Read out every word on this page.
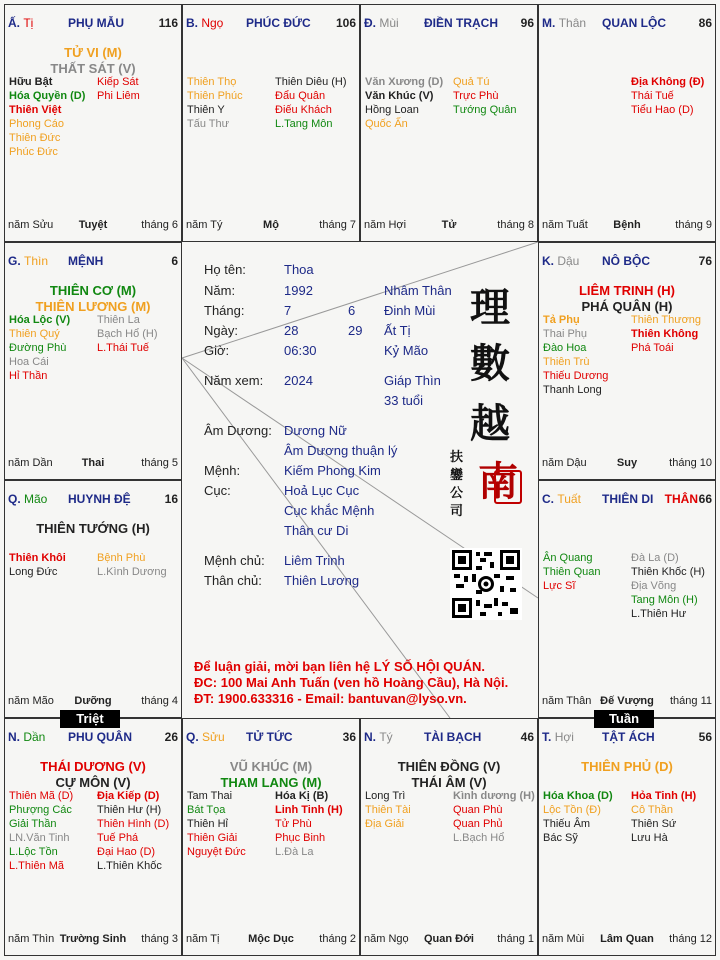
Ấ. Tị	PHỤ MẪU	116
TỬ VI (M)
THẤT SÁT (V)
Hữu Bật
Hóa Quyền (D)
Thiên Việt
Phong Cáo
Thiên Đức
Phúc Đức
Kiếp Sát
Phi Liêm
năm Sửu	Tuyệt	tháng 6
B. Ngọ PHÚC ĐỨC 106
Thiên Thọ
Thiên Phúc
Thiên Y
Tấu Thư
Thiên Diêu (H)
Đẩu Quân
Điếu Khách
L.Tang Môn
năm Tý	Mộ	tháng 7
Đ. Mùi ĐIỀN TRẠCH 96
Văn Xương (D)
Văn Khúc (V)
Hồng Loan
Quốc Ấn
Quả Tú
Trực Phù
Tướng Quân
năm Hợi	Tử	tháng 8
M. Thân QUAN LỘC	86
Địa Không (Đ)
Thái Tuế
Tiểu Hao (D)
năm Tuất	Bệnh	tháng 9
G. Thìn MỆNH	6
THIÊN CƠ (M)
THIÊN LƯƠNG (M)
Hóa Lộc (V)
Thiên Quý
Đường Phù
Hoa Cái
Hỉ Thần
Thiên La
Bạch Hổ (H)
L.Thái Tuế
năm Dần	Thai	tháng 5
K. Dậu NÔ BỘC	76
LIÊM TRINH (H)
PHÁ QUÂN (H)
Tả Phụ
Thai Phụ
Đào Hoa
Thiên Trù
Thiếu Dương
Thanh Long
Thiên Thương
Thiên Không
Phá Toái
năm Dậu	Suy	tháng 10
Q. Mão HUYNH ĐỆ	16
THIÊN TƯỚNG (H)
Thiên Khôi
Long Đức
Bệnh Phù
L.Kình Dương
năm Mão	Dưỡng	tháng 4
C. Tuất THIÊN DI THÂN 66
Ân Quang
Thiên Quan
Lực Sĩ
Đà La (D)
Thiên Khốc (H)
Địa Võng
Tang Môn (H)
L.Thiên Hư
năm Thân Đế Vượng	tháng 11
N. Dần PHU QUÂN	26
THÁI DƯƠNG (V)
CỰ MÔN (V)
Thiên Mã (D)
Phượng Các
Giải Thần
LN.Văn Tinh
L.Lộc Tồn
L.Thiên Mã
Địa Kiếp (D)
Thiên Hư (H)
Thiên Hình (D)
Tuế Phá
Đại Hao (D)
L.Thiên Khốc
năm Thìn Trường Sinh	tháng 3
Q. Sửu TỬ TỨC	36
VŨ KHÚC (M)
THAM LANG (M)
Tam Thai
Bát Tọa
Thiên Hỉ
Thiên Giải
Nguyệt Đức
Hóa Kị (B)
Linh Tinh (H)
Tử Phù
Phục Binh
L.Đà La
năm Tị	Mộc Dục	tháng 2
N. Tý	TÀI BẠCH	46
THIÊN ĐỒNG (V)
THÁI ÂM (V)
Long Trì
Thiên Tài
Địa Giải
Kình dương (H)
Quan Phù
Quan Phủ
L.Bạch Hổ
năm Ngọ	Quan Đới	tháng 1
T. Hợi TẬT ÁCH	56
THIÊN PHỦ (D)
Hóa Khoa (D)
Lộc Tồn (Đ)
Thiếu Âm
Bác Sỹ
Hỏa Tinh (H)
Cô Thần
Thiên Sứ
Lưu Hà
năm Mùi	Lâm Quan	tháng 12
Họ tên:	Thoa
Năm:	1992	Nhâm Thân
Tháng:	7	6 Đinh Mùi
Ngày:	28	29 Ất Tị
Giờ:	06:30	Kỷ Mão
Năm xem: 2024	Giáp Thìn
33 tuổi
Âm Dương: Dương Nữ
Âm Dương thuận lý
Mệnh:	Kiếm Phong Kim
Cục:	Hoả Lục Cục
Cục khắc Mệnh
Thân cư Di
Mệnh chủ: Liêm Trinh
Thân chủ: Thiên Lương
理
數
越
南
扶
鑾
公
司
Để luận giải, mời bạn liên hệ LÝ SỐ HỘI QUÁN.
ĐC: 100 Mai Anh Tuấn (ven hồ Hoàng Cầu), Hà Nội.
ĐT: 1900.633316 - Email: bantuvan@lyso.vn.
Triệt	Tuần
